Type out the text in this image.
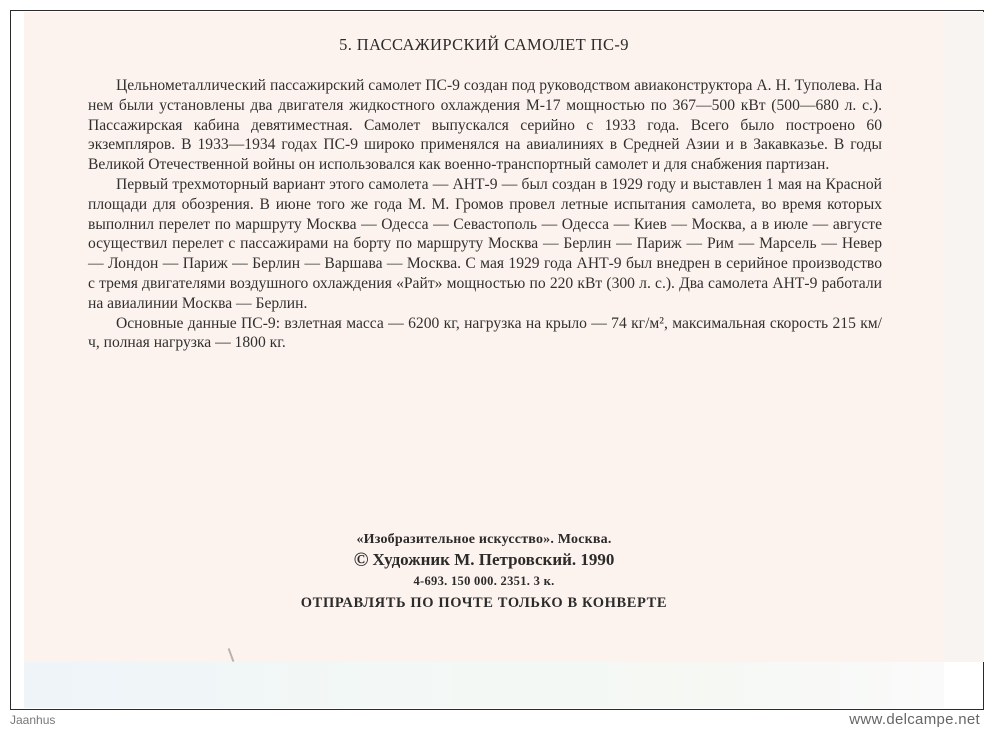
5. ПАССАЖИРСКИЙ САМОЛЕТ ПС-9

Цельнометаллический пассажирский самолет ПС-9 создан под руководством авиаконструктора А. Н. Туполева. На нем были установлены два двигателя жидкостного охлаждения М-17 мощностью по 367—500 кВт (500—680 л. с.). Пассажирская кабина девятиместная. Самолет выпускался серийно с 1933 года. Всего было построено 60 экземпляров. В 1933—1934 годах ПС-9 широко применялся на авиалиниях в Средней Азии и в Закавказье. В годы Великой Отечественной войны он использовался как военно-транспортный самолет и для снабжения партизан.

Первый трехмоторный вариант этого самолета — АНТ-9 — был создан в 1929 году и выставлен 1 мая на Красной площади для обозрения. В июне того же года М. М. Громов провел летные испытания самолета, во время которых выполнил перелет по маршруту Москва — Одесса — Севастополь — Одесса — Киев — Москва, а в июле — августе осуществил перелет с пассажирами на борту по маршруту Москва — Берлин — Париж — Рим — Марсель — Невер — Лондон — Париж — Берлин — Варшава — Москва. С мая 1929 года АНТ-9 был внедрен в серийное производство с тремя двигателями воздушного охлаждения «Райт» мощностью по 220 кВт (300 л. с.). Два самолета АНТ-9 работали на авиалинии Москва — Берлин.

Основные данные ПС-9: взлетная масса — 6200 кг, нагрузка на крыло — 74 кг/м², максимальная скорость 215 км/ч, полная нагрузка — 1800 кг.

«Изобразительное искусство». Москва.
© Художник М. Петровский. 1990
4-693. 150 000. 2351. 3 к.
ОТПРАВЛЯТЬ ПО ПОЧТЕ ТОЛЬКО В КОНВЕРТЕ
Jaanhus	www.delcampe.net
